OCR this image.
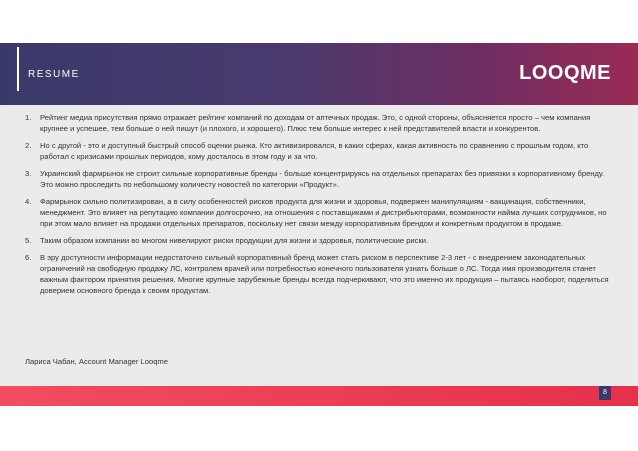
RESUME	LOOQME
1.	Рейтинг медиа присутствия прямо отражает рейтинг компаний по доходам от аптечных продаж. Это, с одной стороны, объясняется просто – чем компания крупнее и успешее, тем больше о ней пишут (и плохого, и хорошего). Плюс тем больше интерес к ней представителей власти и конкурентов.
2.	Но с другой - это и доступный быстрый способ оценки рынка. Кто активизировался, в каких сферах, какая активность по сравнению с прошлым годом, кто работал с кризисами прошлых периодов, кому досталось в этом году и за что.
3.	Украинский фармрынок не строит сильные корпоративные бренды - больше концентрируясь на отдельных препаратах без привязки к корпоративному бренду. Это можно проследить по небольшому количесту новостей по категории «Продукт».
4.	Фармрынок сильно политизирован, а в силу особенностей рисков продукта для жизни и здоровья, подвержен манипуляциям - вакцинация, собственники, менеджмент. Это влияет на репутацию компании долгосрочно, на отношения с поставщиками и дистрибьюторами, возможности найма лучших сотрудников, но при этом мало влияет на продажи отдельных препаратов, поскольку нет связи между корпоративным брендом и конкретным продуктом в продаже.
5.	Таким образом компании во многом нивелируют риски продукции для жизни и здоровья, политические риски.
6.	В эру доступности информации недостаточно сильный корпоративный бренд может стать риском в перспективе 2-3 лет - с внедрением законодательных ограничений на свободную продажу ЛС, контролем врачей или потребностью конечного пользователя узнать больше о ЛС. Тогда имя производителя станет важным фактором принятия решения. Многие крупные зарубежные бренды всегда подчеркивают, что это именно их продукция – пытаясь наоборот, поделиться доверием основного бренда к своим продуктам.
Лариса Чабан, Account Manager Looqme
8
